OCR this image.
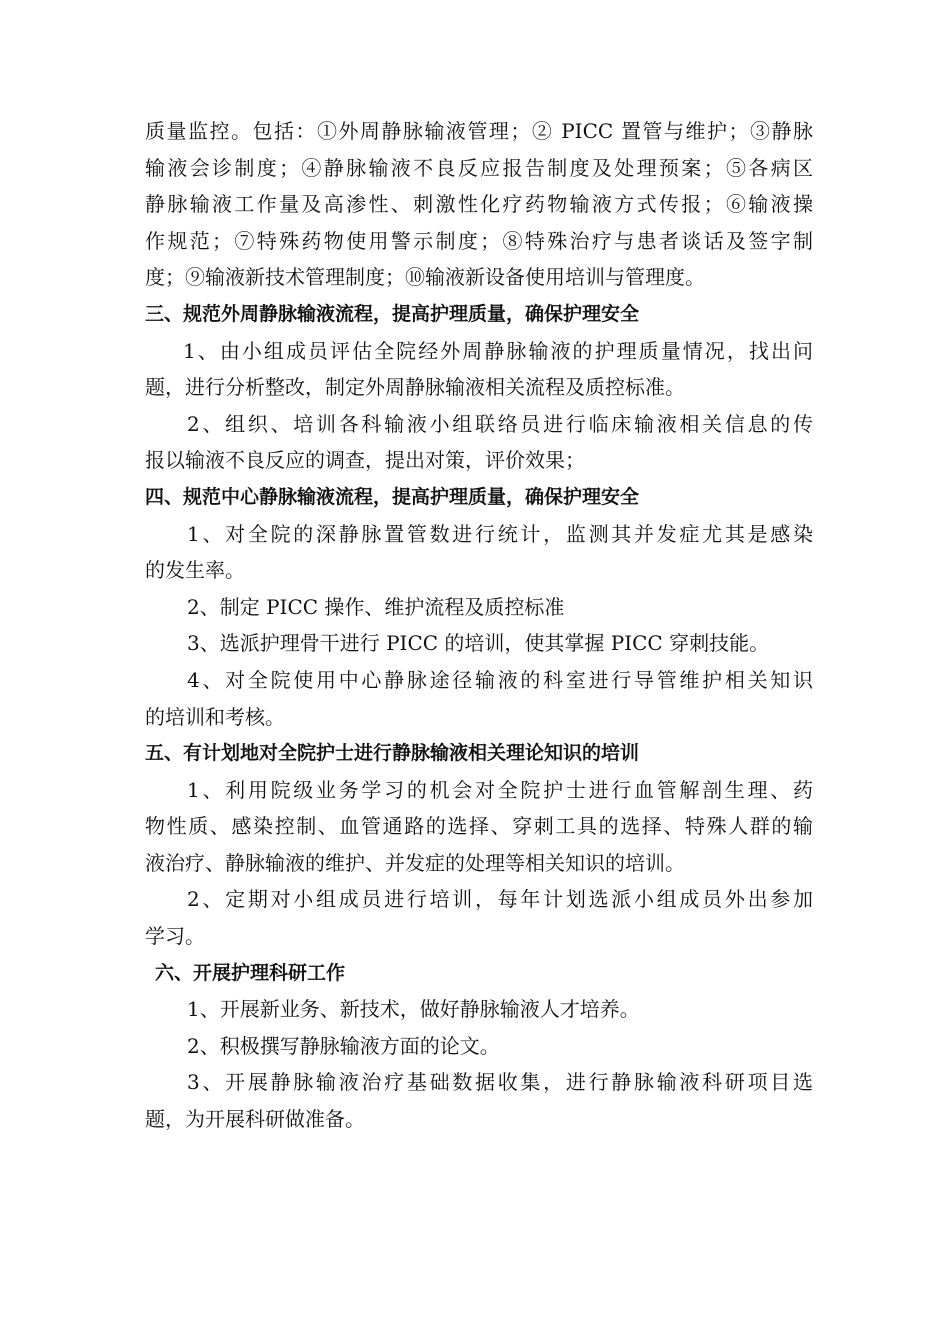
质量监控。包括：①外周静脉输液管理；② PICC 置管与维护；③静脉
输液会诊制度；④静脉输液不良反应报告制度及处理预案；⑤各病区
静脉输液工作量及高渗性、刺激性化疗药物输液方式传报；⑥输液操
作规范；⑦特殊药物使用警示制度；⑧特殊治疗与患者谈话及签字制
度；⑨输液新技术管理制度；⑩输液新设备使用培训与管理度。
三、规范外周静脉输液流程，提高护理质量，确保护理安全
1、由小组成员评估全院经外周静脉输液的护理质量情况，找出问
题，进行分析整改，制定外周静脉输液相关流程及质控标准。
2、组织、培训各科输液小组联络员进行临床输液相关信息的传
报以输液不良反应的调查，提出对策，评价效果；
四、规范中心静脉输液流程，提高护理质量，确保护理安全
1、对全院的深静脉置管数进行统计，监测其并发症尤其是感染
的发生率。
2、制定 PICC 操作、维护流程及质控标准
3、选派护理骨干进行 PICC 的培训，使其掌握 PICC 穿刺技能。
4、对全院使用中心静脉途径输液的科室进行导管维护相关知识
的培训和考核。
五、有计划地对全院护士进行静脉输液相关理论知识的培训
1、利用院级业务学习的机会对全院护士进行血管解剖生理、药
物性质、感染控制、血管通路的选择、穿刺工具的选择、特殊人群的输
液治疗、静脉输液的维护、并发症的处理等相关知识的培训。
2、定期对小组成员进行培训，每年计划选派小组成员外出参加
学习。
六、开展护理科研工作
1、开展新业务、新技术，做好静脉输液人才培养。
2、积极撰写静脉输液方面的论文。
3、开展静脉输液治疗基础数据收集，进行静脉输液科研项目选
题，为开展科研做准备。
